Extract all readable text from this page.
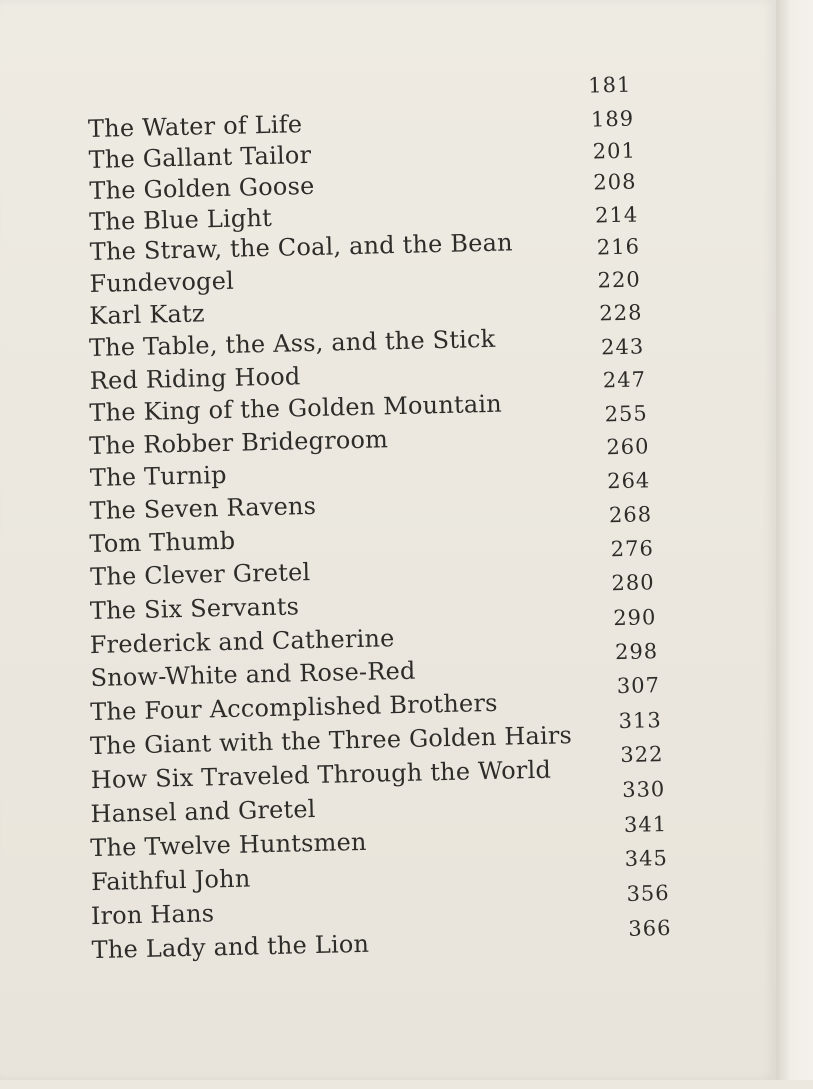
181
The Water of Life	189
The Gallant Tailor	201
The Golden Goose	208
The Blue Light	214
The Straw, the Coal, and the Bean	216
Fundevogel	220
Karl Katz	228
The Table, the Ass, and the Stick	243
Red Riding Hood	247
The King of the Golden Mountain	255
The Robber Bridegroom	260
The Turnip	264
The Seven Ravens	268
Tom Thumb	276
The Clever Gretel	280
The Six Servants	290
Frederick and Catherine	298
Snow-White and Rose-Red	307
The Four Accomplished Brothers	313
The Giant with the Three Golden Hairs 322
How Six Traveled Through the World	330
Hansel and Gretel	341
The Twelve Huntsmen	345
Faithful John	356
Iron Hans	366
The Lady and the Lion
